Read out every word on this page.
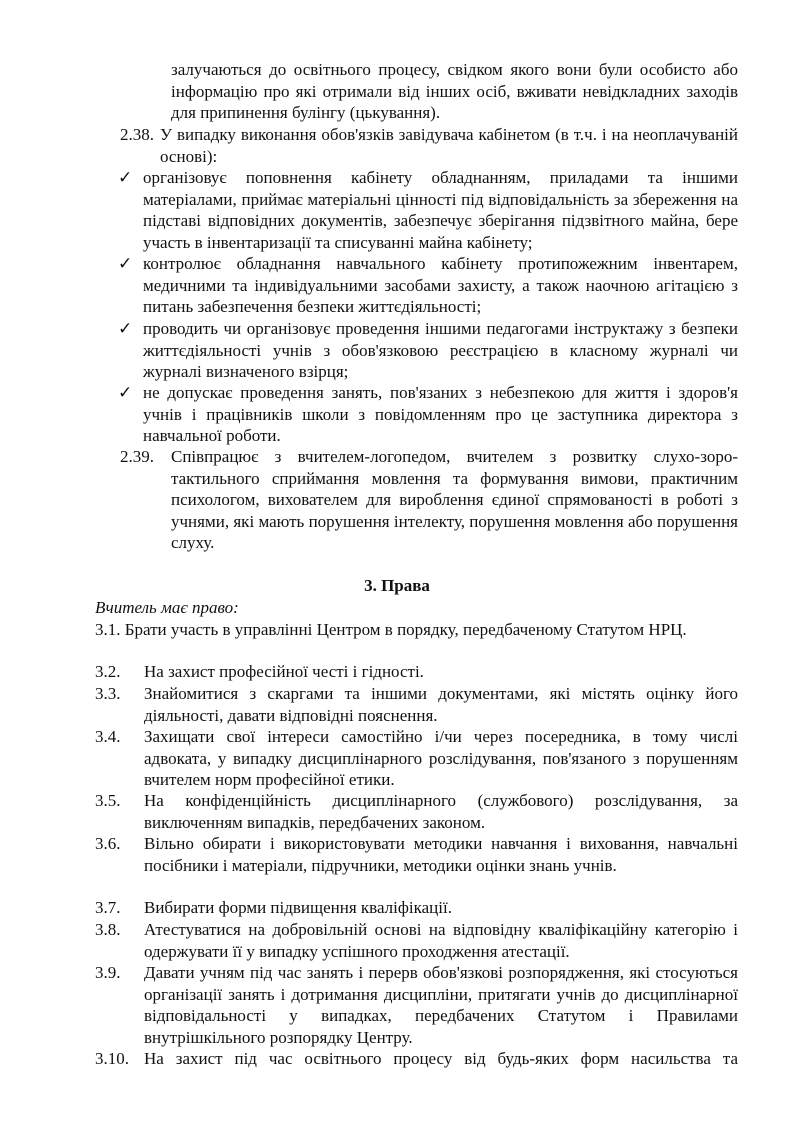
залучаються до освітнього процесу, свідком якого вони були особисто або інформацію про які отримали від інших осіб, вживати невідкладних заходів для припинення булінгу (цькування).

2.38. У випадку виконання обов'язків завідувача кабінетом (в т.ч. і на неоплачуваній основі):

✓ організовує поповнення кабінету обладнанням, приладами та іншими матеріалами, приймає матеріальні цінності під відповідальність за збереження на підставі відповідних документів, забезпечує зберігання підзвітного майна, бере участь в інвентаризації та списуванні майна кабінету;

✓ контролює обладнання навчального кабінету протипожежним інвентарем, медичними та індивідуальними засобами захисту, а також наочною агітацією з питань забезпечення безпеки життєдіяльності;

✓ проводить чи організовує проведення іншими педагогами інструктажу з безпеки життєдіяльності учнів з обов'язковою реєстрацією в класному журналі чи журналі визначеного взірця;

✓ не допускає проведення занять, пов'язаних з небезпекою для життя і здоров'я учнів і працівників школи з повідомленням про це заступника директора з навчальної роботи.

2.39. Співпрацює з вчителем-логопедом, вчителем з розвитку слухо-зоро-тактильного сприймання мовлення та формування вимови, практичним психологом, вихователем для вироблення єдиної спрямованості в роботі з учнями, які мають порушення інтелекту, порушення мовлення або порушення слуху.

3. Права
Вчитель має право:

3.1. Брати участь в управлінні Центром в порядку, передбаченому Статутом НРЦ.

3.2. На захист професійної честі і гідності.

3.3. Знайомитися з скаргами та іншими документами, які містять оцінку його діяльності, давати відповідні пояснення.

3.4. Захищати свої інтереси самостійно і/чи через посередника, в тому числі адвоката, у випадку дисциплінарного розслідування, пов'язаного з порушенням вчителем норм професійної етики.

3.5. На конфіденційність дисциплінарного (службового) розслідування, за виключенням випадків, передбачених законом.

3.6. Вільно обирати і використовувати методики навчання і виховання, навчальні посібники і матеріали, підручники, методики оцінки знань учнів.

3.7. Вибирати форми підвищення кваліфікації.

3.8. Атестуватися на добровільній основі на відповідну кваліфікаційну категорію і одержувати її у випадку успішного проходження атестації.

3.9. Давати учням під час занять і перерв обов'язкові розпорядження, які стосуються організації занять і дотримання дисципліни, притягати учнів до дисциплінарної відповідальності у випадках, передбачених Статутом і Правилами внутрішкільного розпорядку Центру.

3.10. На захист під час освітнього процесу від будь-яких форм насильства та
